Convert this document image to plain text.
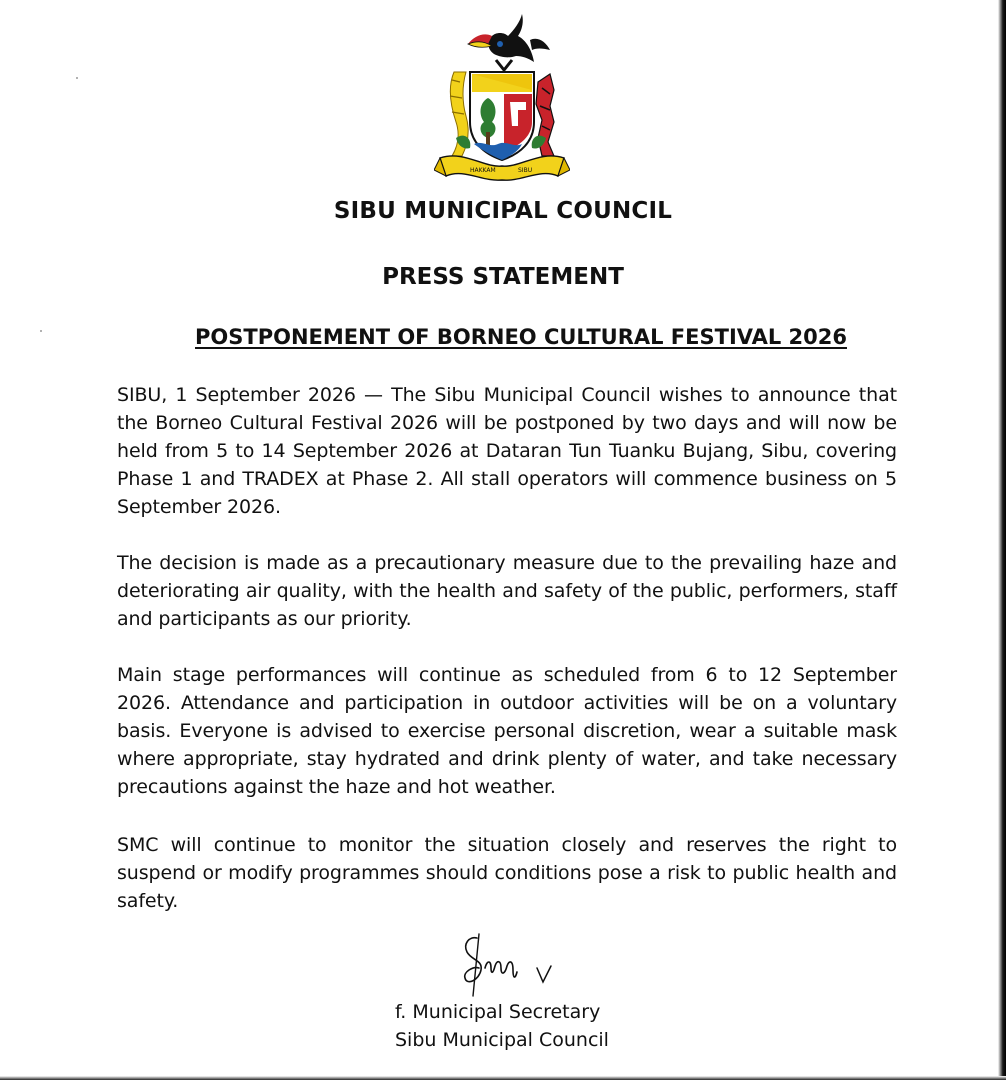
HAKKAM	SIBU
SIBU MUNICIPAL COUNCIL
PRESS STATEMENT
POSTPONEMENT OF BORNEO CULTURAL FESTIVAL 2026

SIBU, 1 September 2026 — The Sibu Municipal Council wishes to announce that the Borneo Cultural Festival 2026 will be postponed by two days and will now be held from 5 to 14 September 2026 at Dataran Tun Tuanku Bujang, Sibu, covering Phase 1 and TRADEX at Phase 2. All stall operators will commence business on 5 September 2026.

The decision is made as a precautionary measure due to the prevailing haze and deteriorating air quality, with the health and safety of the public, performers, staff and participants as our priority.

Main stage performances will continue as scheduled from 6 to 12 September 2026. Attendance and participation in outdoor activities will be on a voluntary basis. Everyone is advised to exercise personal discretion, wear a suitable mask where appropriate, stay hydrated and drink plenty of water, and take necessary precautions against the haze and hot weather.

SMC will continue to monitor the situation closely and reserves the right to suspend or modify programmes should conditions pose a risk to public health and safety.

f. Municipal Secretary
Sibu Municipal Council
